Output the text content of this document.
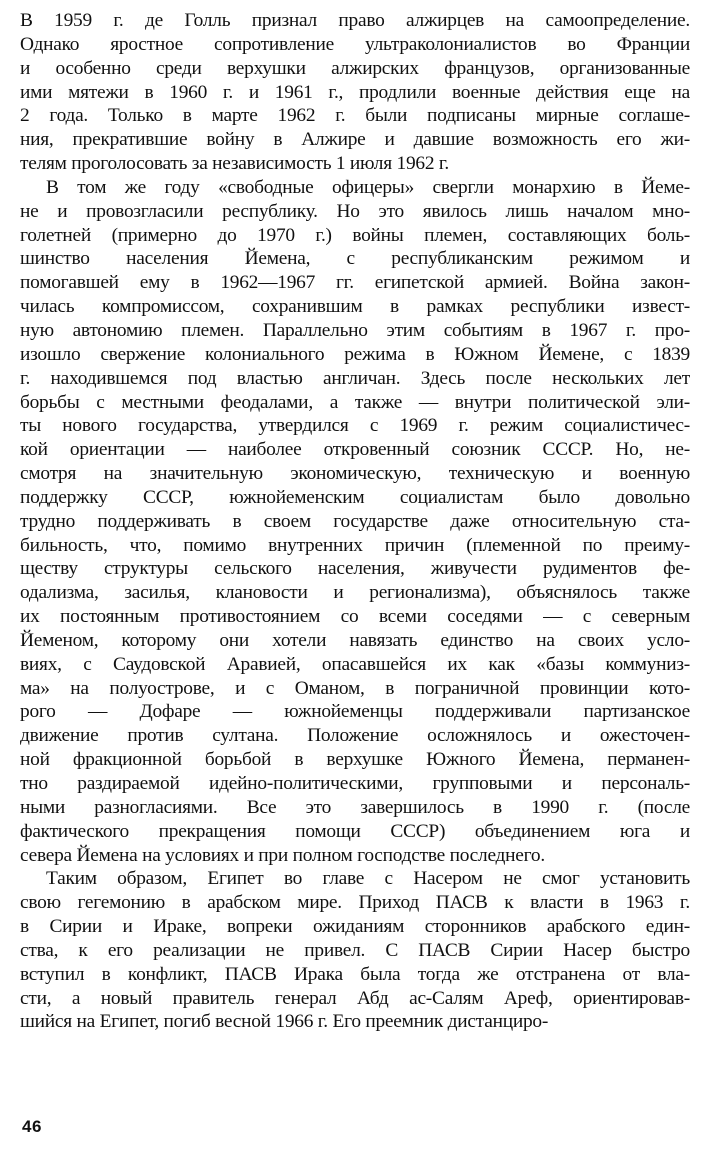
В 1959 г. де Голль признал право алжирцев на самоопределение.
Однако яростное сопротивление ультраколониалистов во Франции
и особенно среди верхушки алжирских французов, организованные
ими мятежи в 1960 г. и 1961 г., продлили военные действия еще на
2 года. Только в марте 1962 г. были подписаны мирные соглаше-
ния, прекратившие войну в Алжире и давшие возможность его жи-
телям проголосовать за независимость 1 июля 1962 г.
В том же году «свободные офицеры» свергли монархию в Йеме-
не и провозгласили республику. Но это явилось лишь началом мно-
голетней (примерно до 1970 г.) войны племен, составляющих боль-
шинство населения Йемена, с республиканским режимом и
помогавшей ему в 1962—1967 гг. египетской армией. Война закон-
чилась компромиссом, сохранившим в рамках республики извест-
ную автономию племен. Параллельно этим событиям в 1967 г. про-
изошло свержение колониального режима в Южном Йемене, с 1839
г. находившемся под властью англичан. Здесь после нескольких лет
борьбы с местными феодалами, а также — внутри политической эли-
ты нового государства, утвердился с 1969 г. режим социалистичес-
кой ориентации — наиболее откровенный союзник СССР. Но, не-
смотря на значительную экономическую, техническую и военную
поддержку СССР, южнойеменским социалистам было довольно
трудно поддерживать в своем государстве даже относительную ста-
бильность, что, помимо внутренних причин (племенной по преиму-
ществу структуры сельского населения, живучести рудиментов фе-
одализма, засилья, клановости и регионализма), объяснялось также
их постоянным противостоянием со всеми соседями — с северным
Йеменом, которому они хотели навязать единство на своих усло-
виях, с Саудовской Аравией, опасавшейся их как «базы коммуниз-
ма» на полуострове, и с Оманом, в пограничной провинции кото-
рого — Дофаре — южнойеменцы поддерживали партизанское
движение против султана. Положение осложнялось и ожесточен-
ной фракционной борьбой в верхушке Южного Йемена, перманен-
тно раздираемой идейно-политическими, групповыми и персональ-
ными разногласиями. Все это завершилось в 1990 г. (после
фактического прекращения помощи СССР) объединением юга и
севера Йемена на условиях и при полном господстве последнего.
Таким образом, Египет во главе с Насером не смог установить
свою гегемонию в арабском мире. Приход ПАСВ к власти в 1963 г.
в Сирии и Ираке, вопреки ожиданиям сторонников арабского един-
ства, к его реализации не привел. С ПАСВ Сирии Насер быстро
вступил в конфликт, ПАСВ Ирака была тогда же отстранена от вла-
сти, а новый правитель генерал Абд ас-Салям Ареф, ориентировав-
шийся на Египет, погиб весной 1966 г. Его преемник дистанциро-
46
